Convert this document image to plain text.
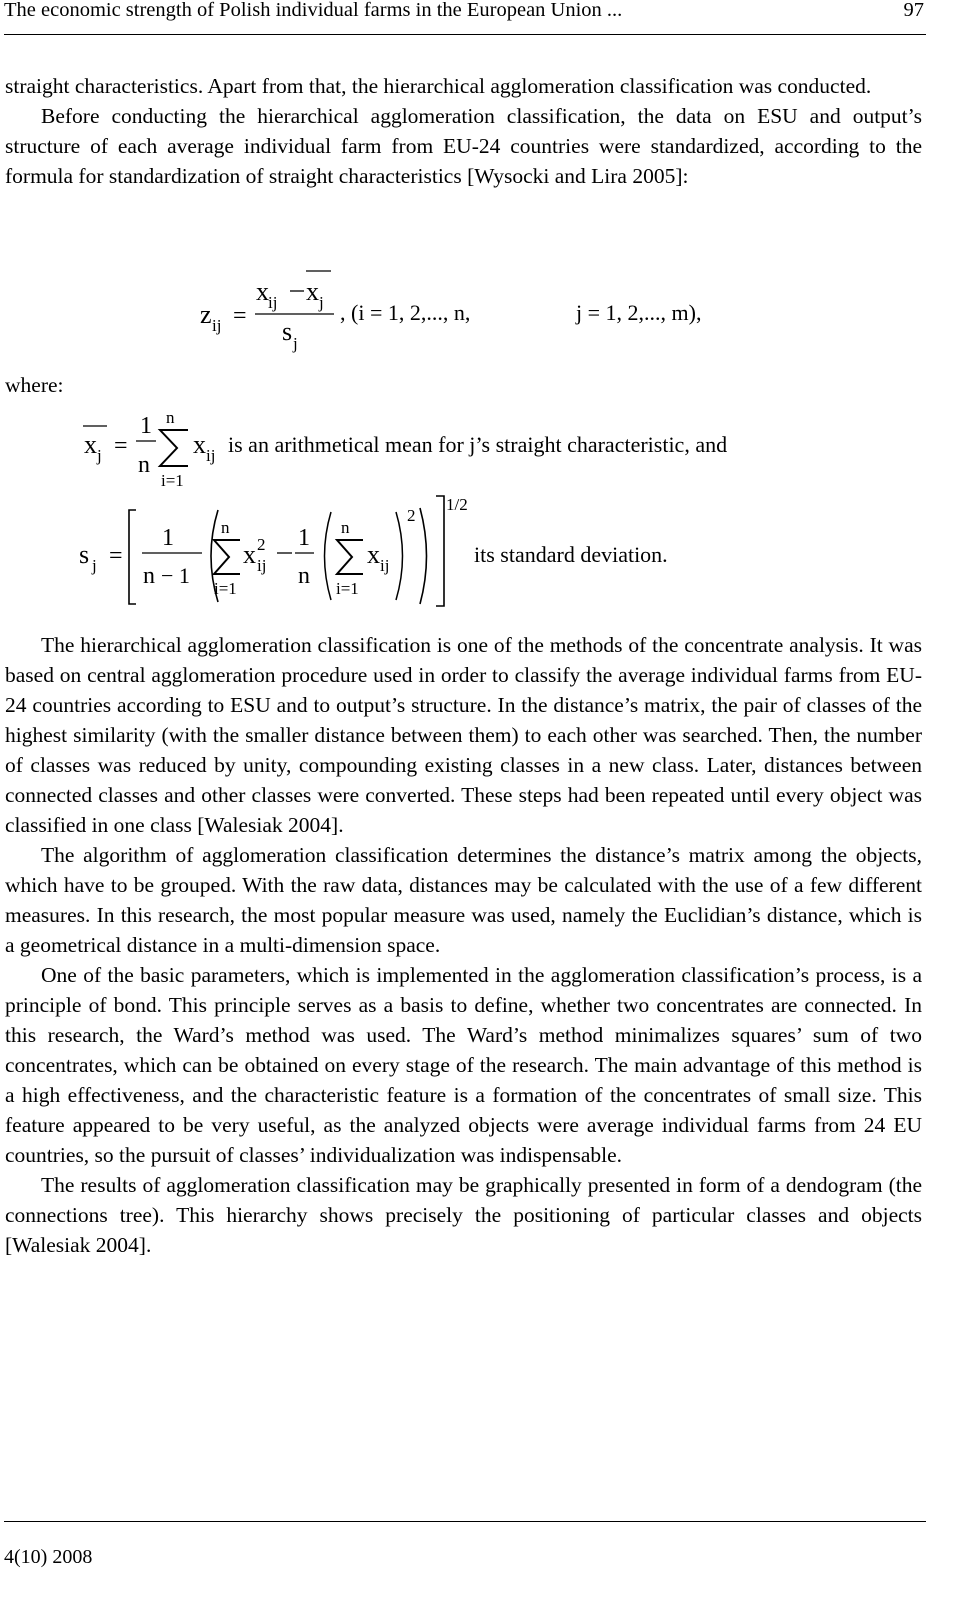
The economic strength of Polish individual farms in the European Union ...	97

straight characteristics. Apart from that, the hierarchical agglomeration classification was conducted.

Before conducting the hierarchical agglomeration classification, the data on ESU and output’s structure of each average individual farm from EU-24 countries were standardized, according to the formula for standardization of straight characteristics [Wysocki and Lira 2005]:

z ij =
x ij x j
s j
x j =
1
n
n
i=1
x ij
s j =
1
n − 1
n
i=1
x 2
ij
1
n
n
i=1
x ij
2
1/2
, (i = 1, 2,..., n,	j = 1, 2,..., m),
is an arithmetical mean for j’s straight characteristic, and
its standard deviation.
where:

The hierarchical agglomeration classification is one of the methods of the concentrate analysis. It was based on central agglomeration procedure used in order to classify the average individual farms from EU-24 countries according to ESU and to output’s structure. In the distance’s matrix, the pair of classes of the highest similarity (with the smaller distance between them) to each other was searched. Then, the number of classes was reduced by unity, compounding existing classes in a new class. Later, distances between connected classes and other classes were converted. These steps had been repeated until every object was classified in one class [Walesiak 2004].

The algorithm of agglomeration classification determines the distance’s matrix among the objects, which have to be grouped. With the raw data, distances may be calculated with the use of a few different measures. In this research, the most popular measure was used, namely the Euclidian’s distance, which is a geometrical distance in a multi-dimension space.

One of the basic parameters, which is implemented in the agglomeration classification’s process, is a principle of bond. This principle serves as a basis to define, whether two concentrates are connected. In this research, the Ward’s method was used. The Ward’s method minimalizes squares’ sum of two concentrates, which can be obtained on every stage of the research. The main advantage of this method is a high effectiveness, and the characteristic feature is a formation of the concentrates of small size. This feature appeared to be very useful, as the analyzed objects were average individual farms from 24 EU countries, so the pursuit of classes’ individualization was indispensable.

The results of agglomeration classification may be graphically presented in form of a dendogram (the connections tree). This hierarchy shows precisely the positioning of particular classes and objects [Walesiak 2004].

4(10) 2008
